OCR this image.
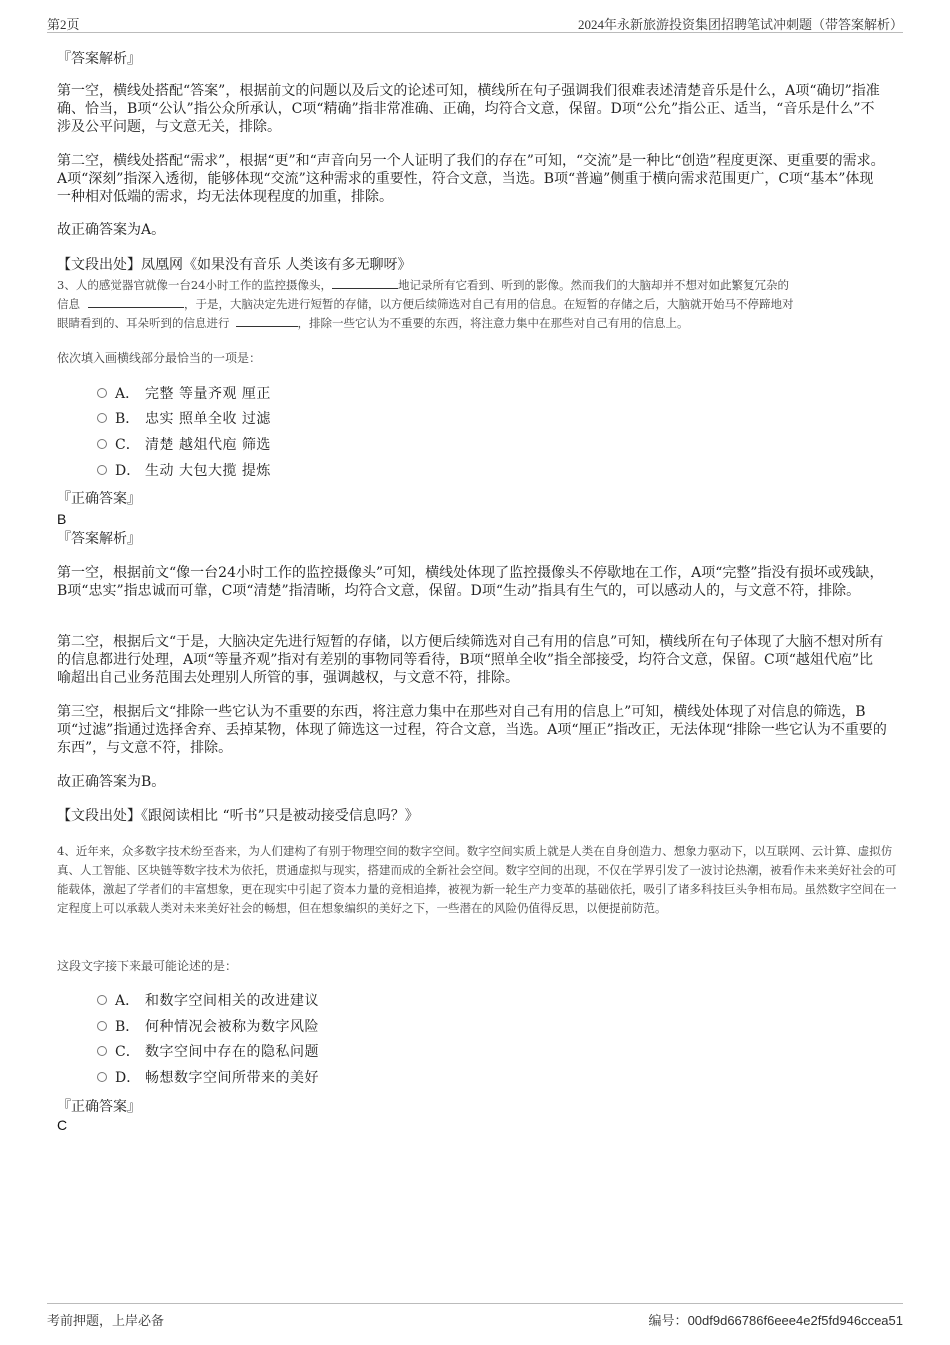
第2页	2024年永新旅游投资集团招聘笔试冲刺题（带答案解析）
『答案解析』

第一空，横线处搭配“答案”，根据前文的问题以及后文的论述可知，横线所在句子强调我们很难表述清楚音乐是什么，A项“确切”指准确、恰当，B项“公认”指公众所承认，C项“精确”指非常准确、正确，均符合文意，保留。D项“公允”指公正、适当，“音乐是什么”不涉及公平问题，与文意无关，排除。

第二空，横线处搭配“需求”，根据“更”和“声音向另一个人证明了我们的存在”可知，“交流”是一种比“创造”程度更深、更重要的需求。A项“深刻”指深入透彻，能够体现“交流”这种需求的重要性，符合文意，当选。B项“普遍”侧重于横向需求范围更广，C项“基本”体现一种相对低端的需求，均无法体现程度的加重，排除。

故正确答案为A。
【文段出处】凤凰网《如果没有音乐 人类该有多无聊呀》

3、人的感觉器官就像一台24小时工作的监控摄像头，	地记录所有它看到、听到的影像。然而我们的大脑却并不想对如此繁复冗杂的
信息	，于是，大脑决定先进行短暂的存储，以方便后续筛选对自己有用的信息。在短暂的存储之后，大脑就开始马不停蹄地对
眼睛看到的、耳朵听到的信息进行	，排除一些它认为不重要的东西，将注意力集中在那些对自己有用的信息上。

依次填入画横线部分最恰当的一项是：
A． 完整 等量齐观 厘正
B． 忠实 照单全收 过滤
C． 清楚 越俎代庖 筛选
D． 生动 大包大揽 提炼
『正确答案』
B
『答案解析』

第一空，根据前文“像一台24小时工作的监控摄像头”可知，横线处体现了监控摄像头不停歇地在工作，A项“完整”指没有损坏或残缺，B项“忠实”指忠诚而可靠，C项“清楚”指清晰，均符合文意，保留。D项“生动”指具有生气的，可以感动人的，与文意不符，排除。

第二空，根据后文“于是，大脑决定先进行短暂的存储，以方便后续筛选对自己有用的信息”可知，横线所在句子体现了大脑不想对所有的信息都进行处理，A项“等量齐观”指对有差别的事物同等看待，B项“照单全收”指全部接受，均符合文意，保留。C项“越俎代庖”比喻超出自己业务范围去处理别人所管的事，强调越权，与文意不符，排除。

第三空，根据后文“排除一些它认为不重要的东西，将注意力集中在那些对自己有用的信息上”可知，横线处体现了对信息的筛选，B项“过滤”指通过选择舍弃、丢掉某物，体现了筛选这一过程，符合文意，当选。A项“厘正”指改正，无法体现“排除一些它认为不重要的东西”，与文意不符，排除。

故正确答案为B。
【文段出处】《跟阅读相比 “听书”只是被动接受信息吗？》

4、近年来，众多数字技术纷至沓来，为人们建构了有别于物理空间的数字空间。数字空间实质上就是人类在自身创造力、想象力驱动下，以互联网、云计算、虚拟仿真、人工智能、区块链等数字技术为依托，贯通虚拟与现实，搭建而成的全新社会空间。数字空间的出现，不仅在学界引发了一波讨论热潮，被看作未来美好社会的可能载体，激起了学者们的丰富想象，更在现实中引起了资本力量的竞相追捧，被视为新一轮生产力变革的基础依托，吸引了诸多科技巨头争相布局。虽然数字空间在一定程度上可以承载人类对未来美好社会的畅想，但在想象编织的美好之下，一些潜在的风险仍值得反思，以便提前防范。

这段文字接下来最可能论述的是：
A． 和数字空间相关的改进建议
B． 何种情况会被称为数字风险
C． 数字空间中存在的隐私问题
D． 畅想数字空间所带来的美好
『正确答案』
C
考前押题，上岸必备	编号：00df9d66786f6eee4e2f5fd946ccea51
